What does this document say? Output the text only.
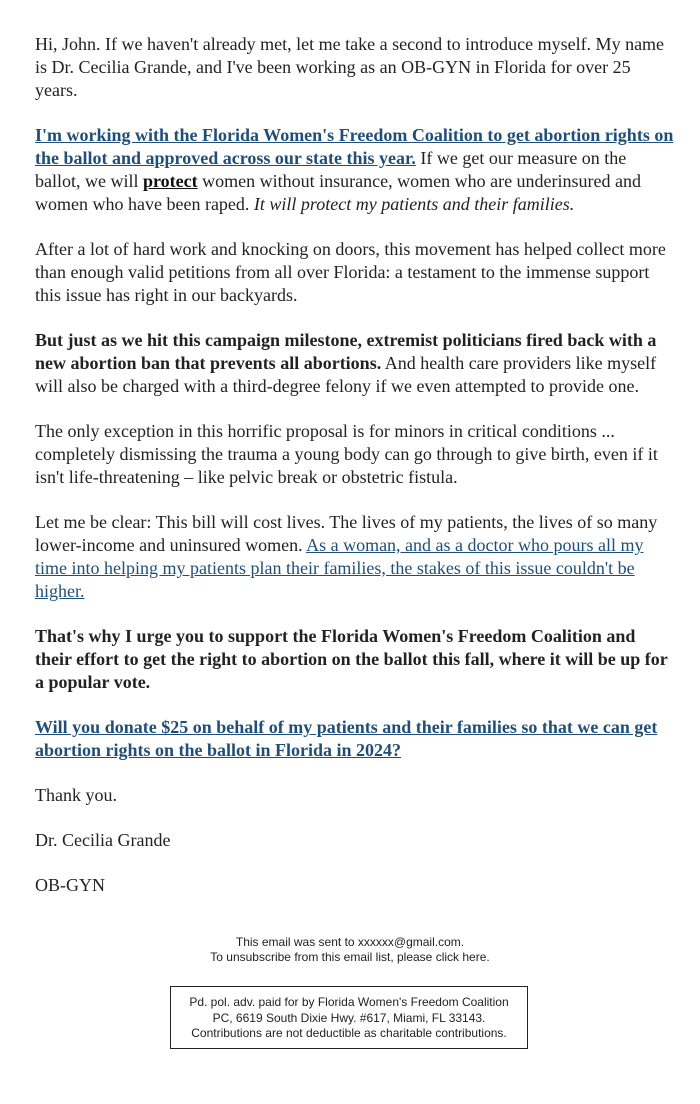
Hi, John. If we haven't already met, let me take a second to introduce myself. My name is Dr. Cecilia Grande, and I've been working as an OB-GYN in Florida for over 25 years.

I'm working with the Florida Women's Freedom Coalition to get abortion rights on the ballot and approved across our state this year. If we get our measure on the ballot, we will protect women without insurance, women who are underinsured and women who have been raped. It will protect my patients and their families.

After a lot of hard work and knocking on doors, this movement has helped collect more than enough valid petitions from all over Florida: a testament to the immense support this issue has right in our backyards.

But just as we hit this campaign milestone, extremist politicians fired back with a new abortion ban that prevents all abortions. And health care providers like myself will also be charged with a third-degree felony if we even attempted to provide one.

The only exception in this horrific proposal is for minors in critical conditions ... completely dismissing the trauma a young body can go through to give birth, even if it isn't life-threatening – like pelvic break or obstetric fistula.

Let me be clear: This bill will cost lives. The lives of my patients, the lives of so many lower-income and uninsured women. As a woman, and as a doctor who pours all my time into helping my patients plan their families, the stakes of this issue couldn't be higher.

That's why I urge you to support the Florida Women's Freedom Coalition and their effort to get the right to abortion on the ballot this fall, where it will be up for a popular vote.

Will you donate $25 on behalf of my patients and their families so that we can get abortion rights on the ballot in Florida in 2024?

Thank you.

Dr. Cecilia Grande

OB-GYN

This email was sent to xxxxxx@gmail.com.
To unsubscribe from this email list, please click here.
Pd. pol. adv. paid for by Florida Women's Freedom Coalition
PC, 6619 South Dixie Hwy. #617, Miami, FL 33143.
Contributions are not deductible as charitable contributions.
